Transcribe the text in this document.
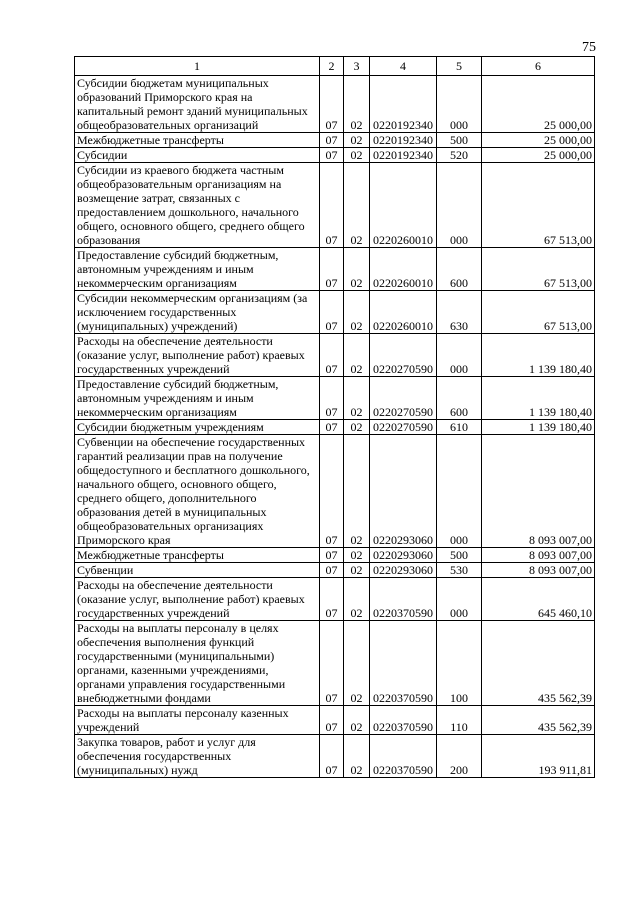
75
1	2	3	4	5	6
Субсидии бюджетам муниципальных образований Приморского края на капитальный ремонт зданий муниципальных общеобразовательных организаций	07	02	0220192340	000	25 000,00
Межбюджетные трансферты	07	02	0220192340	500	25 000,00
Субсидии	07	02	0220192340	520	25 000,00
Субсидии из краевого бюджета частным общеобразовательным организациям на возмещение затрат, связанных с предоставлением дошкольного, начального общего, основного общего, среднего общего образования	07	02	0220260010	000	67 513,00
Предоставление субсидий бюджетным, автономным учреждениям и иным некоммерческим организациям	07	02	0220260010	600	67 513,00
Субсидии некоммерческим организациям (за исключением государственных (муниципальных) учреждений)	07	02	0220260010	630	67 513,00
Расходы на обеспечение деятельности (оказание услуг, выполнение работ) краевых государственных учреждений	07	02	0220270590	000	1 139 180,40
Предоставление субсидий бюджетным, автономным учреждениям и иным некоммерческим организациям	07	02	0220270590	600	1 139 180,40
Субсидии бюджетным учреждениям	07	02	0220270590	610	1 139 180,40
Субвенции на обеспечение государственных гарантий реализации прав на получение общедоступного и бесплатного дошкольного, начального общего, основного общего, среднего общего, дополнительного образования детей в муниципальных общеобразовательных организациях Приморского края	07	02	0220293060	000	8 093 007,00
Межбюджетные трансферты	07	02	0220293060	500	8 093 007,00
Субвенции	07	02	0220293060	530	8 093 007,00
Расходы на обеспечение деятельности (оказание услуг, выполнение работ) краевых государственных учреждений	07	02	0220370590	000	645 460,10
Расходы на выплаты персоналу в целях обеспечения выполнения функций государственными (муниципальными) органами, казенными учреждениями, органами управления государственными внебюджетными фондами	07	02	0220370590	100	435 562,39
Расходы на выплаты персоналу казенных учреждений	07	02	0220370590	110	435 562,39
Закупка товаров, работ и услуг для обеспечения государственных (муниципальных) нужд	07	02	0220370590	200	193 911,81
